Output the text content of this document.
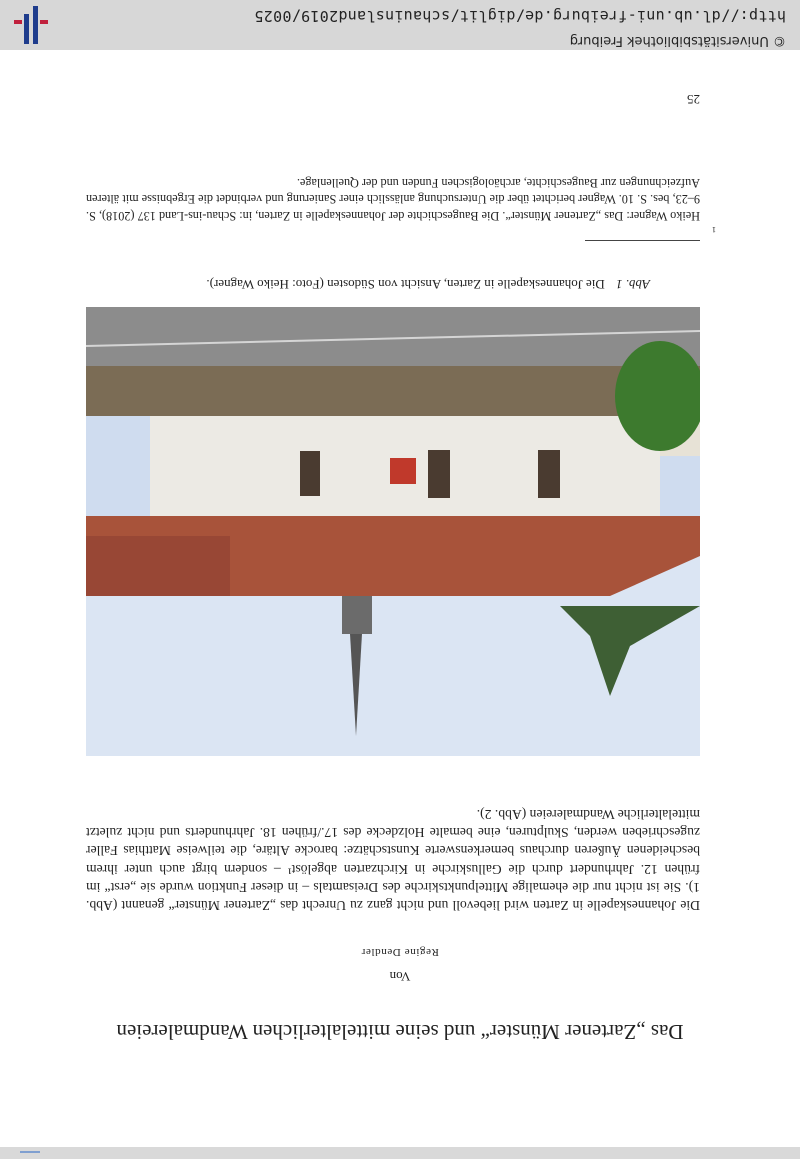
Das „Zartener Münster“ und seine mittelalterlichen Wandmalereien
Von
Regine Dendler
Die Johanneskapelle in Zarten wird liebevoll und nicht ganz zu Unrecht das „Zartener Münster“ genannt (Abb. 1). Sie ist nicht nur die ehemalige Mittelpunktskirche des Dreisamtals – in dieser Funktion wurde sie „erst“ im frühen 12. Jahrhundert durch die Galluskirche in Kirchzarten abgelöst¹ – sondern birgt auch unter ihrem bescheidenen Äußeren durchaus bemerkenswerte Kunstschätze: barocke Altäre, die teilweise Matthias Faller zugeschrieben werden, Skulpturen, eine bemalte Holzdecke des 17./frühen 18. Jahrhunderts und nicht zuletzt mittelalterliche Wandmalereien (Abb. 2).
Abb. 1 Die Johanneskapelle in Zarten, Ansicht von Südosten (Foto: Heiko Wagner).
1
Heiko Wagner: Das „Zartener Münster“. Die Baugeschichte der Johanneskapelle in Zarten, in: Schau-ins-Land 137 (2018), S. 9–23, bes. S. 10. Wagner berichtet über die Untersuchung anlässlich einer Sanierung und verbindet die Ergebnisse mit älteren Aufzeichnungen zur Baugeschichte, archäologischen Funden und der Quellenlage.
25
© Universitätsbibliothek Freiburg
http://dl.ub.uni-freiburg.de/diglit/schauinsland2019/0025
